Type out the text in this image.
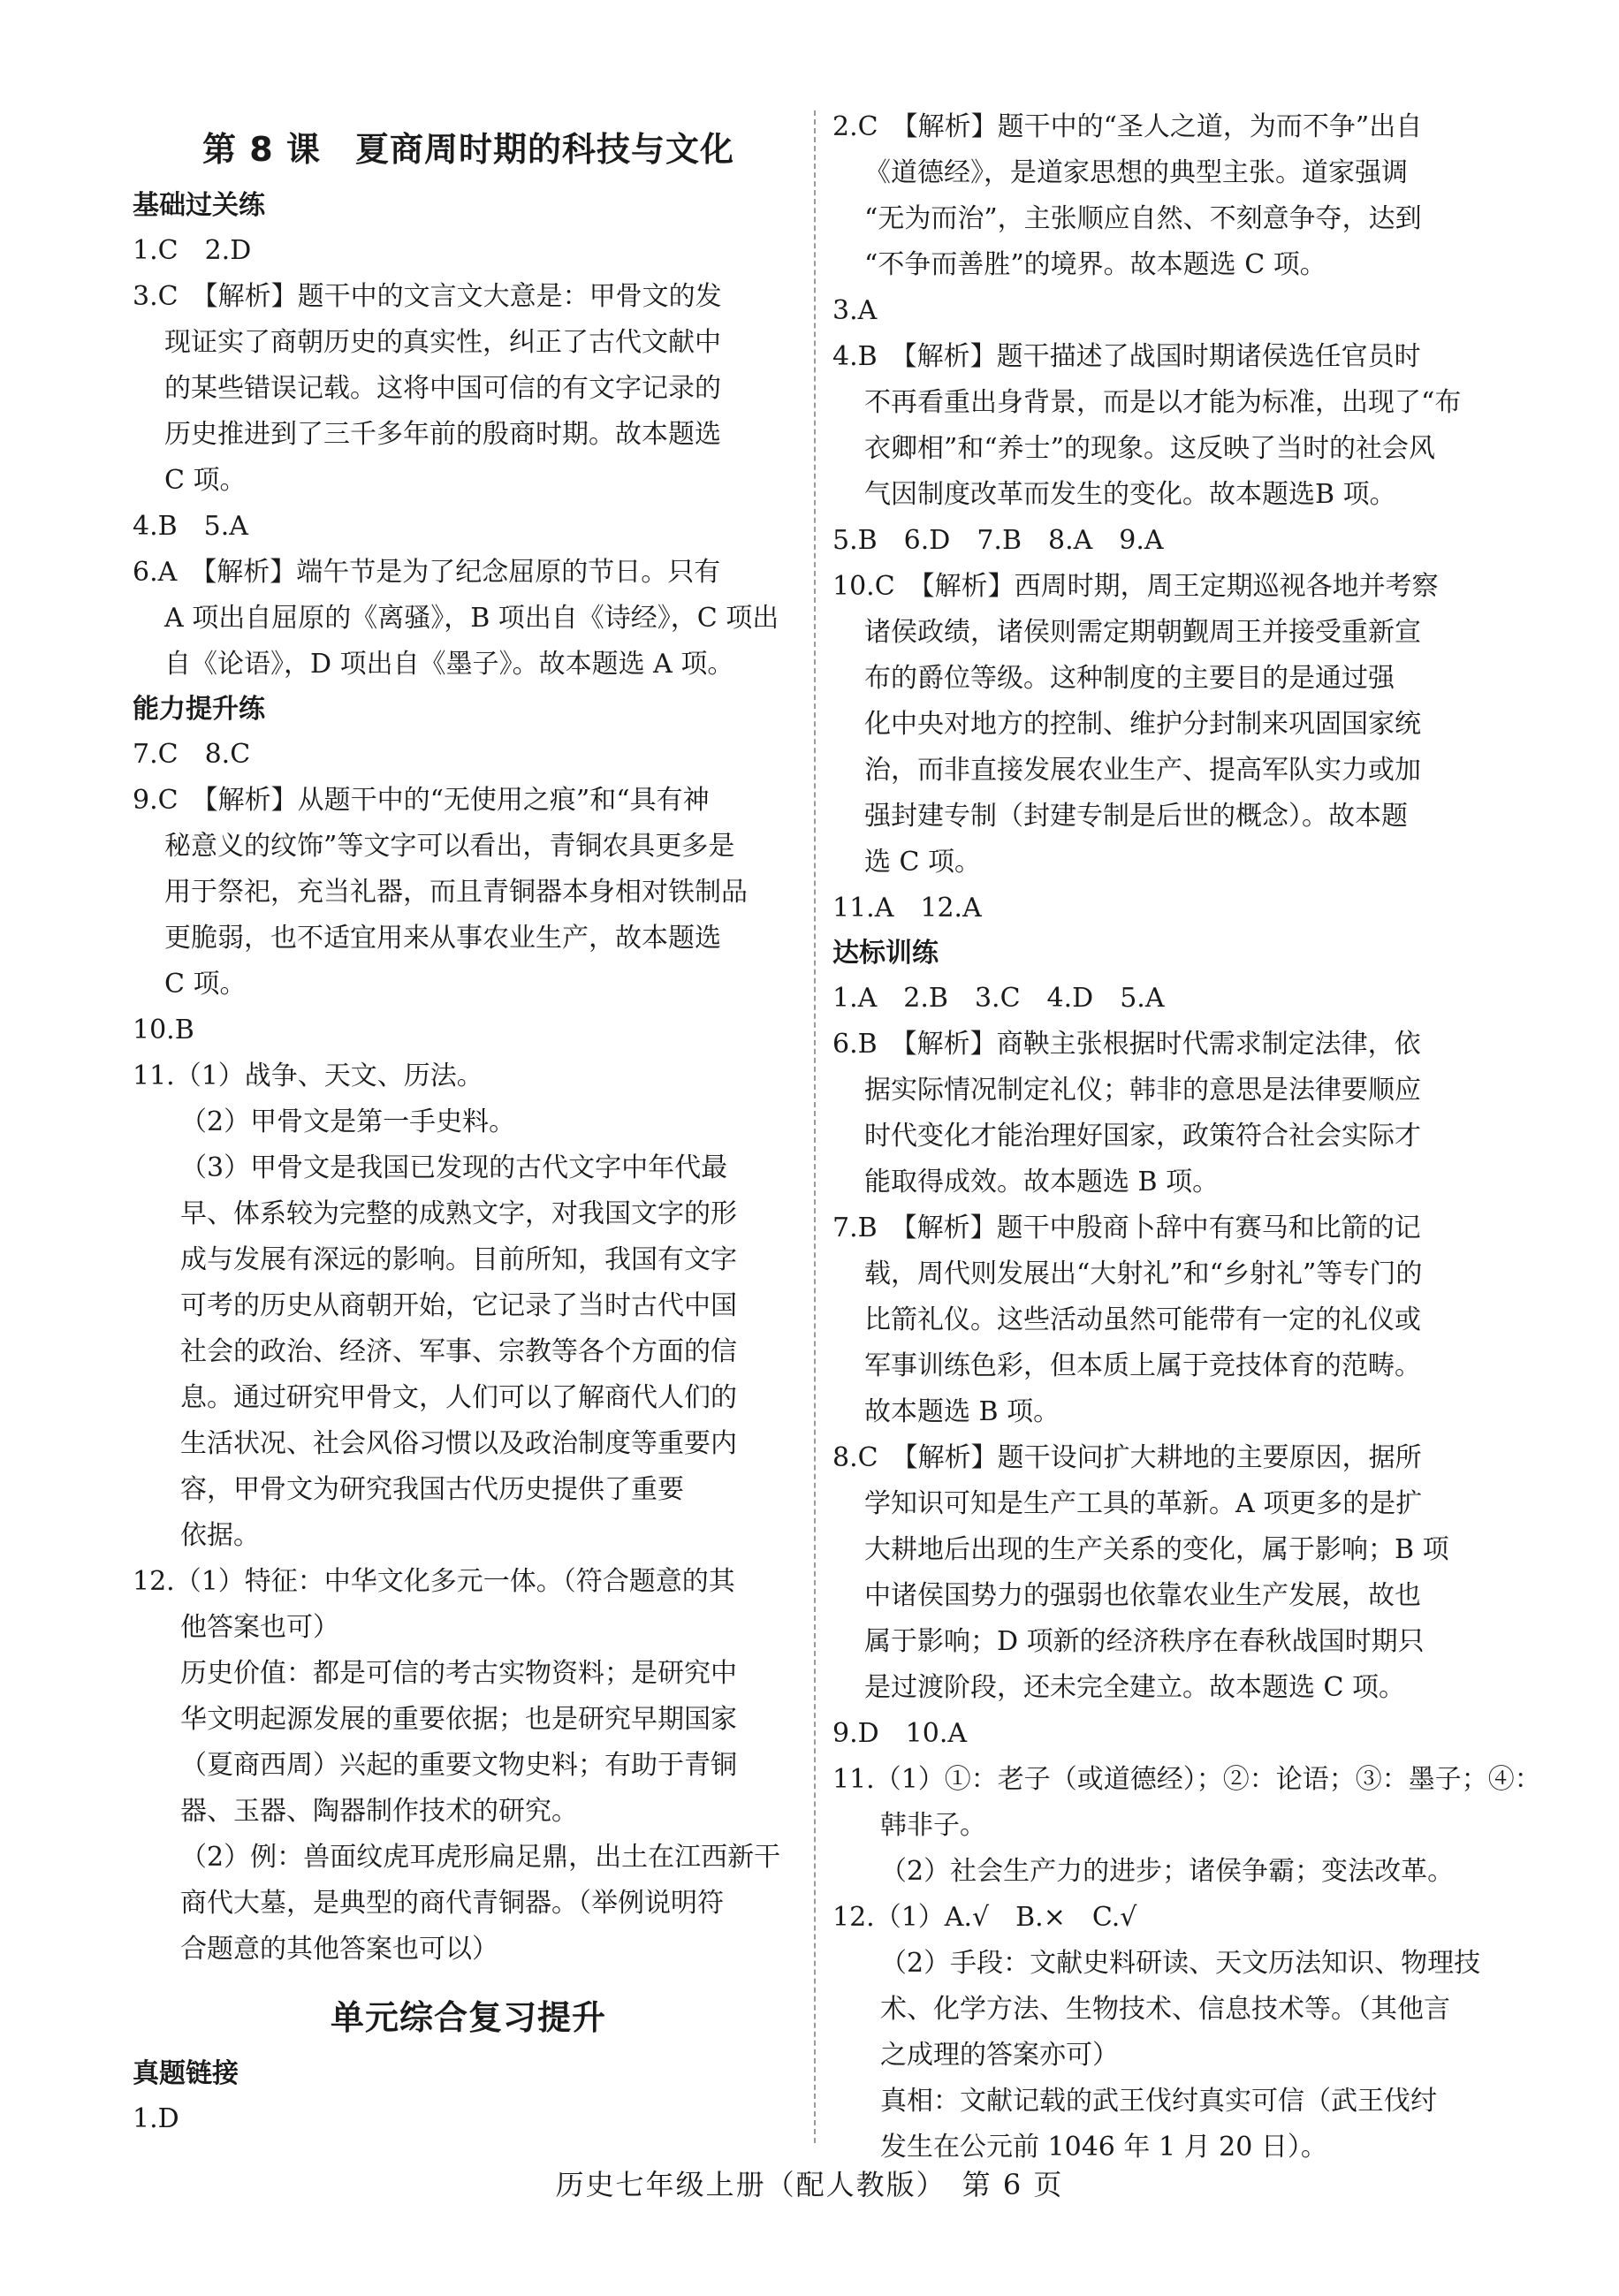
第 8 课　夏商周时期的科技与文化
基础过关练
1.C　2.D
3.C　【解析】题干中的文言文大意是：甲骨文的发
现证实了商朝历史的真实性，纠正了古代文献中
的某些错误记载。这将中国可信的有文字记录的
历史推进到了三千多年前的殷商时期。故本题选
C 项。
4.B　5.A
6.A　【解析】端午节是为了纪念屈原的节日。只有
A 项出自屈原的《离骚》，B 项出自《诗经》，C 项出
自《论语》，D 项出自《墨子》。故本题选 A 项。
能力提升练
7.C　8.C
9.C　【解析】从题干中的“无使用之痕”和“具有神
秘意义的纹饰”等文字可以看出，青铜农具更多是
用于祭祀，充当礼器，而且青铜器本身相对铁制品
更脆弱，也不适宜用来从事农业生产，故本题选
C 项。
10.B
11.（1）战争、天文、历法。
（2）甲骨文是第一手史料。
（3）甲骨文是我国已发现的古代文字中年代最
早、体系较为完整的成熟文字，对我国文字的形
成与发展有深远的影响。目前所知，我国有文字
可考的历史从商朝开始，它记录了当时古代中国
社会的政治、经济、军事、宗教等各个方面的信
息。通过研究甲骨文，人们可以了解商代人们的
生活状况、社会风俗习惯以及政治制度等重要内
容，甲骨文为研究我国古代历史提供了重要
依据。
12.（1）特征：中华文化多元一体。（符合题意的其
他答案也可）
历史价值：都是可信的考古实物资料；是研究中
华文明起源发展的重要依据；也是研究早期国家
（夏商西周）兴起的重要文物史料；有助于青铜
器、玉器、陶器制作技术的研究。
（2）例：兽面纹虎耳虎形扁足鼎，出土在江西新干
商代大墓，是典型的商代青铜器。（举例说明符
合题意的其他答案也可以）
单元综合复习提升
真题链接
1.D
2.C　【解析】题干中的“圣人之道，为而不争”出自
《道德经》，是道家思想的典型主张。道家强调
“无为而治”，主张顺应自然、不刻意争夺，达到
“不争而善胜”的境界。故本题选 C 项。
3.A
4.B　【解析】题干描述了战国时期诸侯选任官员时
不再看重出身背景，而是以才能为标准，出现了“布
衣卿相”和“养士”的现象。这反映了当时的社会风
气因制度改革而发生的变化。故本题选B 项。
5.B　6.D　7.B　8.A　9.A
10.C　【解析】西周时期，周王定期巡视各地并考察
诸侯政绩，诸侯则需定期朝觐周王并接受重新宣
布的爵位等级。这种制度的主要目的是通过强
化中央对地方的控制、维护分封制来巩固国家统
治，而非直接发展农业生产、提高军队实力或加
强封建专制（封建专制是后世的概念）。故本题
选 C 项。
11.A　12.A
达标训练
1.A　2.B　3.C　4.D　5.A
6.B　【解析】商鞅主张根据时代需求制定法律，依
据实际情况制定礼仪；韩非的意思是法律要顺应
时代变化才能治理好国家，政策符合社会实际才
能取得成效。故本题选 B 项。
7.B　【解析】题干中殷商卜辞中有赛马和比箭的记
载，周代则发展出“大射礼”和“乡射礼”等专门的
比箭礼仪。这些活动虽然可能带有一定的礼仪或
军事训练色彩，但本质上属于竞技体育的范畴。
故本题选 B 项。
8.C　【解析】题干设问扩大耕地的主要原因，据所
学知识可知是生产工具的革新。A 项更多的是扩
大耕地后出现的生产关系的变化，属于影响；B 项
中诸侯国势力的强弱也依靠农业生产发展，故也
属于影响；D 项新的经济秩序在春秋战国时期只
是过渡阶段，还未完全建立。故本题选 C 项。
9.D　10.A
11.（1）①：老子（或道德经）；②：论语；③：墨子；④：
韩非子。
（2）社会生产力的进步；诸侯争霸；变法改革。
12.（1）A.√　B.×　C.√
（2）手段：文献史料研读、天文历法知识、物理技
术、化学方法、生物技术、信息技术等。（其他言
之成理的答案亦可）
真相：文献记载的武王伐纣真实可信（武王伐纣
发生在公元前 1046 年 1 月 20 日）。
历史七年级上册（配人教版）　第 6 页
